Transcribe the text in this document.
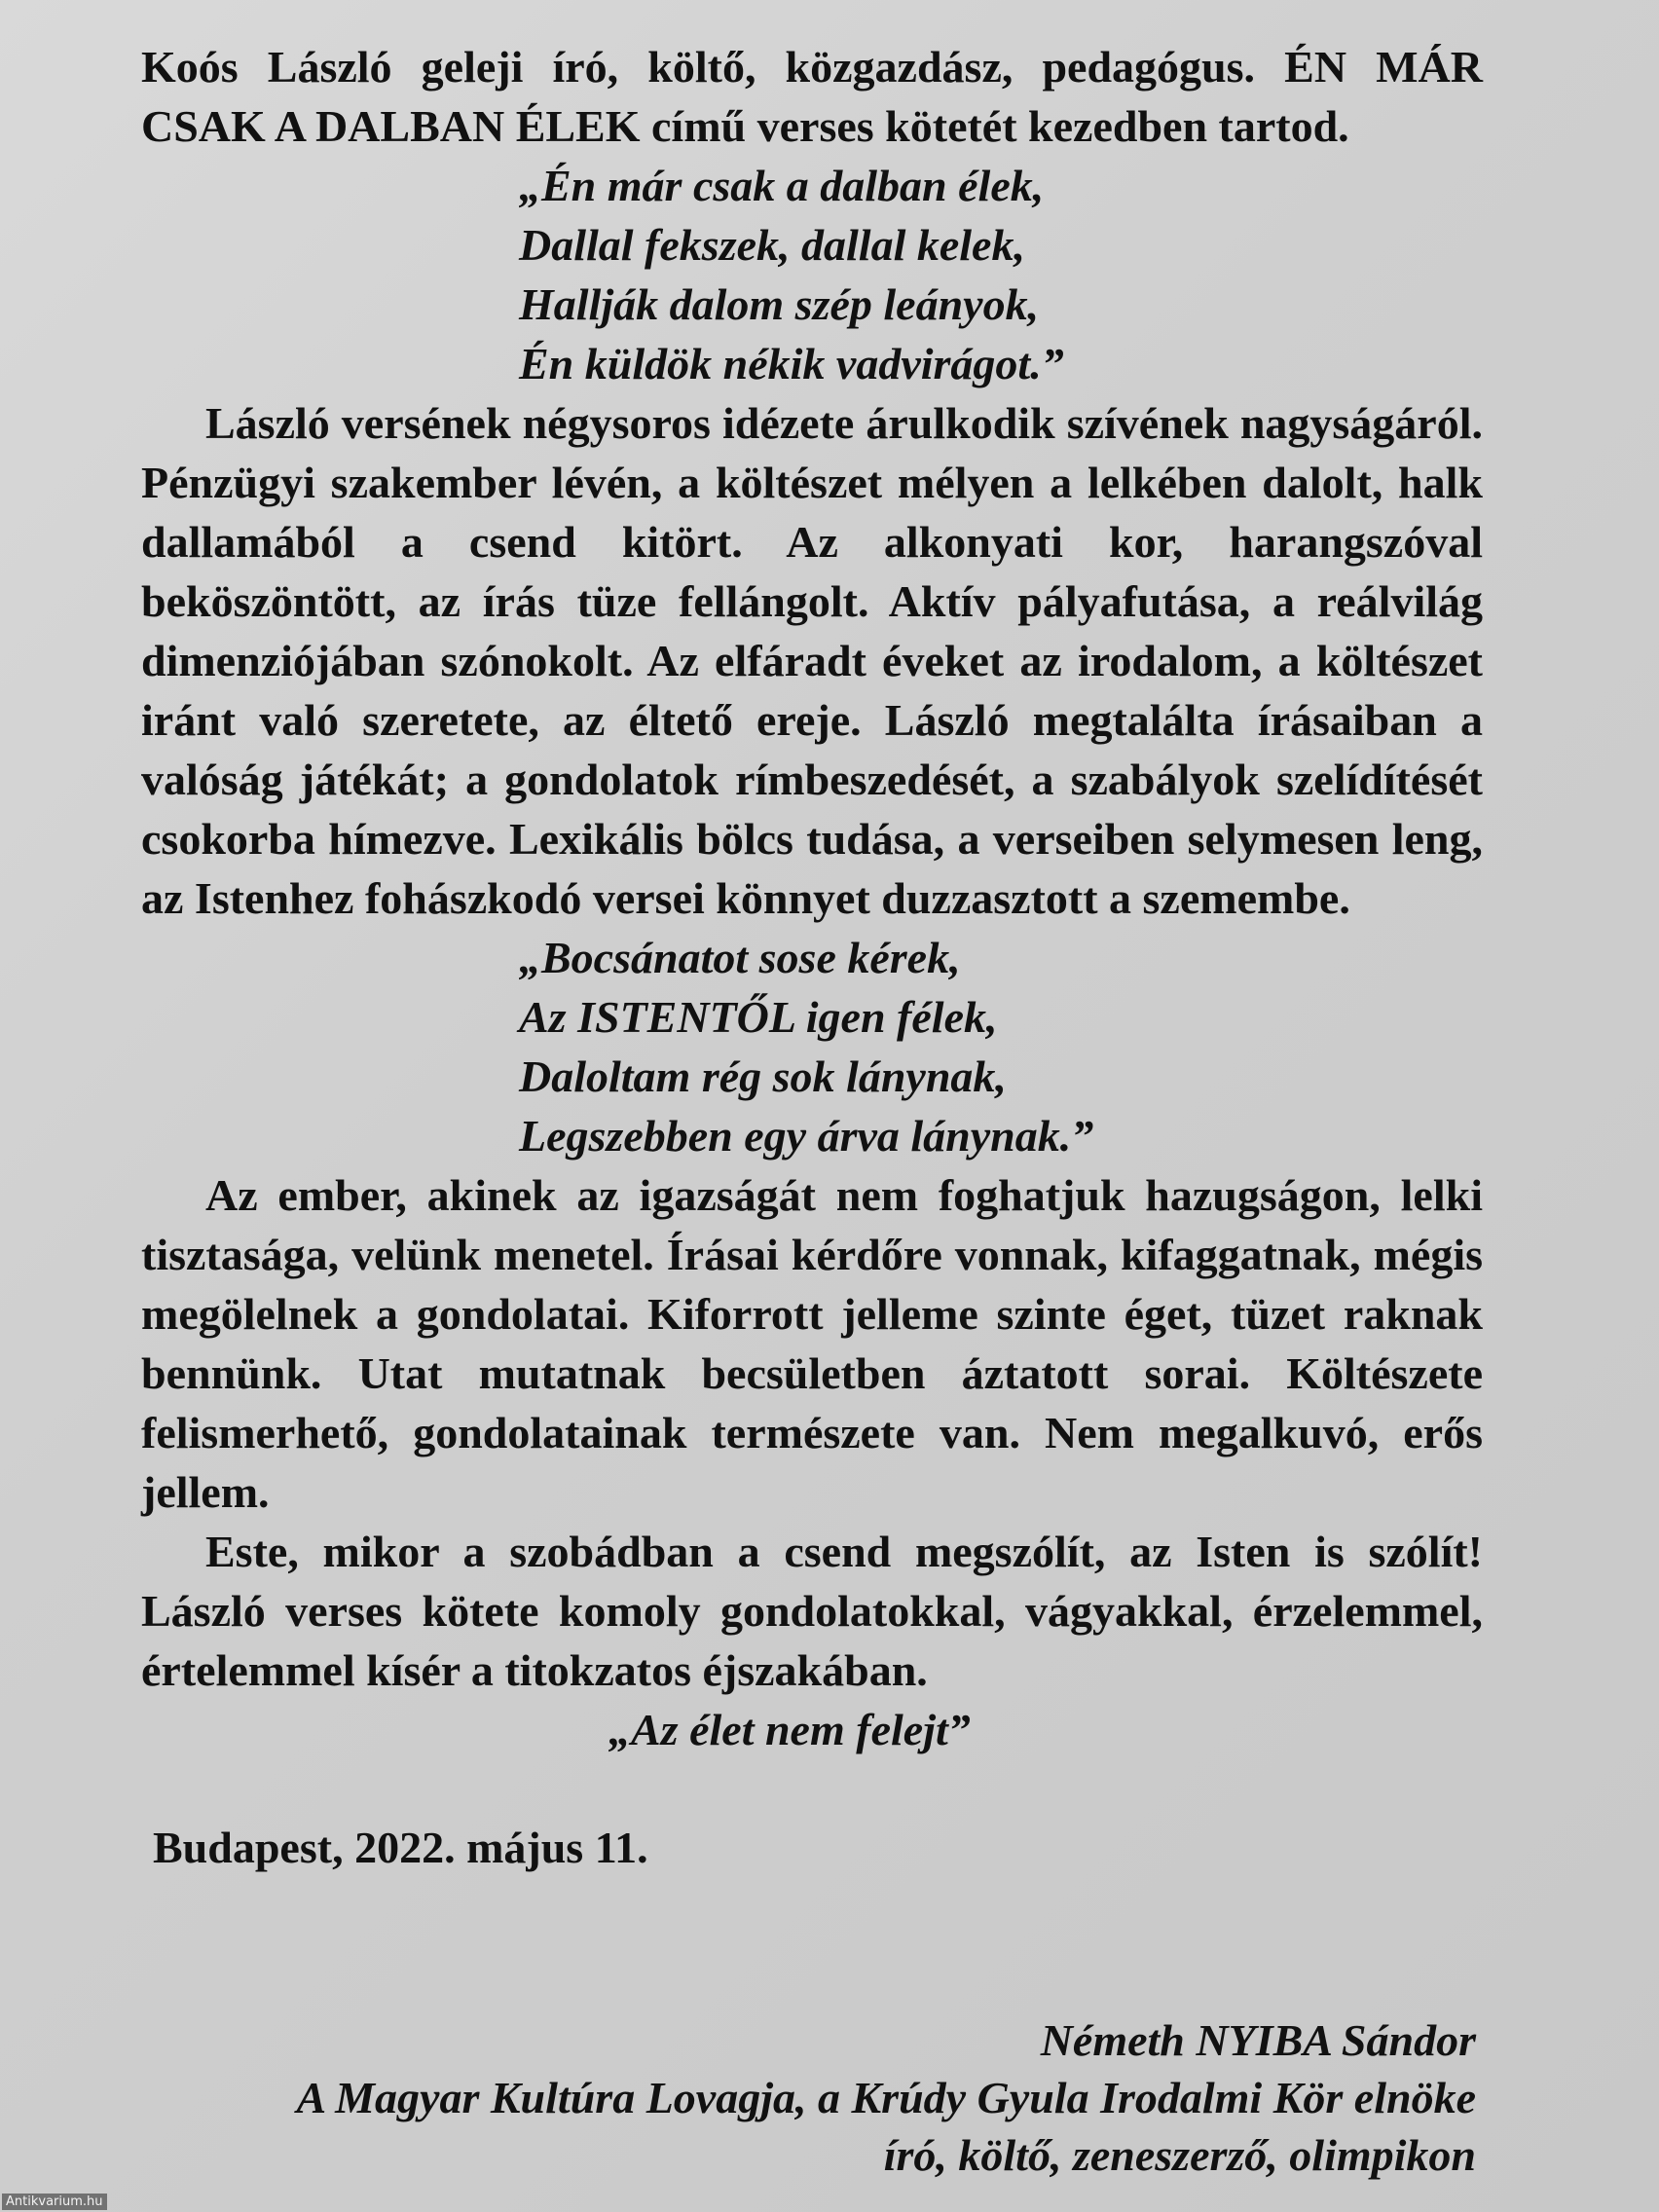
Koós László geleji író, költő, közgazdász, pedagógus. ÉN MÁR
CSAK A DALBAN ÉLEK című verses kötetét kezedben tartod.
„Én már csak a dalban élek,
Dallal fekszek, dallal kelek,
Hallják dalom szép leányok,
Én küldök nékik vadvirágot.”

László versének négysoros idézete árulkodik szívének nagyságáról. Pénzügyi szakember lévén, a költészet mélyen a lelkében dalolt, halk dallamából a csend kitört. Az alkonyati kor, harangszóval beköszöntött, az írás tüze fellángolt. Aktív pályafutása, a reálvilág dimenziójában szónokolt. Az elfáradt éveket az irodalom, a költészet iránt való szeretete, az éltető ereje. László megtalálta írásaiban a valóság játékát; a gondolatok rímbeszedését, a szabályok szelídítését csokorba hímezve. Lexikális bölcs tudása, a verseiben selymesen leng, az Istenhez fohászkodó versei könnyet duzzasztott a szemembe.

„Bocsánatot sose kérek,
Az ISTENTŐL igen félek,
Daloltam rég sok lánynak,
Legszebben egy árva lánynak.”

Az ember, akinek az igazságát nem foghatjuk hazugságon, lelki tisztasága, velünk menetel. Írásai kérdőre vonnak, kifaggatnak, mégis megölelnek a gondolatai. Kiforrott jelleme szinte éget, tüzet raknak bennünk. Utat mutatnak becsületben áztatott sorai. Költészete felismerhető, gondolatainak természete van. Nem megalkuvó, erős jellem.

Este, mikor a szobádban a csend megszólít, az Isten is szólít! László verses kötete komoly gondolatokkal, vágyakkal, érzelemmel, értelemmel kísér a titokzatos éjszakában.

„Az élet nem felejt”
Budapest, 2022. május 11.
Németh NYIBA Sándor
A Magyar Kultúra Lovagja, a Krúdy Gyula Irodalmi Kör elnöke
író, költő, zeneszerző, olimpikon
Antikvarium.hu
